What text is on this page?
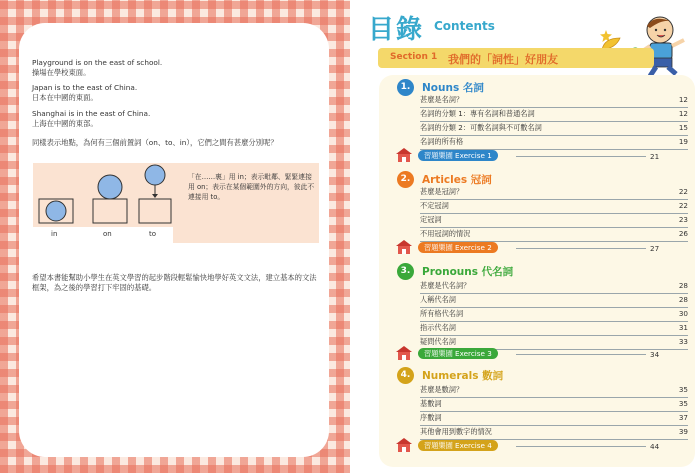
Playground is on the east of school.
操場在學校東面。
Japan is to the east of China.
日本在中國的東面。
Shanghai is in the east of China.
上海在中國的東部。
同樣表示地點，為何有三個前置詞（on、to、in），它們之間有甚麼分別呢？
in	on	to
「在……裏」用 in；表示毗鄰、緊緊連接用 on；表示在某個範圍外的方向，彼此不連接用 to。
希望本書能幫助小學生在英文學習的起步階段輕鬆愉快地學好英文文法，建立基本的文法框架，為之後的學習打下牢固的基礎。
目錄 Contents
Section 1 我們的「詞性」好朋友
1.	Nouns 名詞
甚麼是名詞？	12
名詞的分類 1：專有名詞和普通名詞	12
名詞的分類 2：可數名詞與不可數名詞	15
名詞的所有格	19
習題樂園 Exercise 1	21
2.	Articles 冠詞
甚麼是冠詞？	22
不定冠詞	22
定冠詞	23
不用冠詞的情況	26
習題樂園 Exercise 2	27
3.	Pronouns 代名詞
甚麼是代名詞？	28
人稱代名詞	28
所有格代名詞	30
指示代名詞	31
疑問代名詞	33
習題樂園 Exercise 3	34
4.	Numerals 數詞
甚麼是數詞？	35
基數詞	35
序數詞	37
其他會用到數字的情況	39
習題樂園 Exercise 4	44
